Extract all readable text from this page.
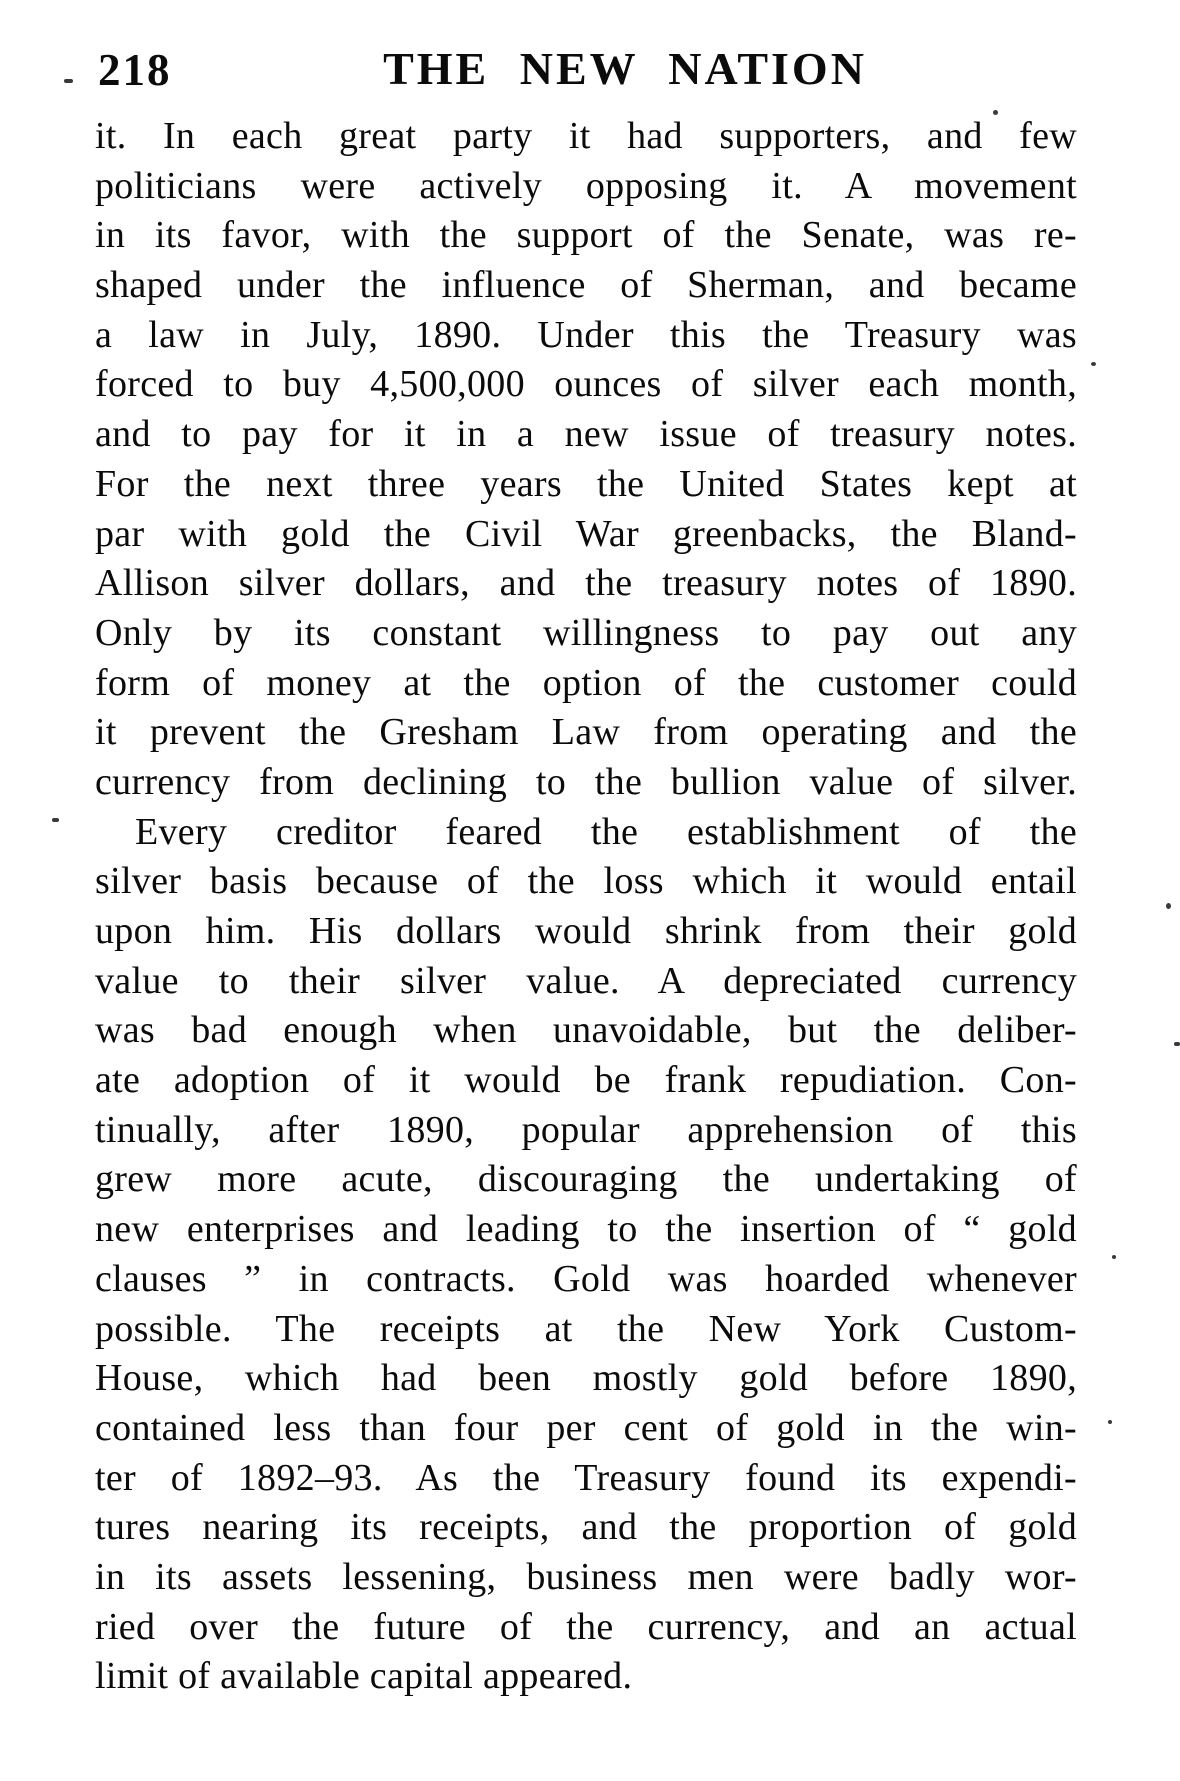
218	THE NEW NATION
it. In each great party it had supporters, and few
politicians were actively opposing it. A movement
in its favor, with the support of the Senate, was re-
shaped under the influence of Sherman, and became
a law in July, 1890. Under this the Treasury was
forced to buy 4,500,000 ounces of silver each month,
and to pay for it in a new issue of treasury notes.
For the next three years the United States kept at
par with gold the Civil War greenbacks, the Bland-
Allison silver dollars, and the treasury notes of 1890.
Only by its constant willingness to pay out any
form of money at the option of the customer could
it prevent the Gresham Law from operating and the
currency from declining to the bullion value of silver.
Every creditor feared the establishment of the
silver basis because of the loss which it would entail
upon him. His dollars would shrink from their gold
value to their silver value. A depreciated currency
was bad enough when unavoidable, but the deliber-
ate adoption of it would be frank repudiation. Con-
tinually, after 1890, popular apprehension of this
grew more acute, discouraging the undertaking of
new enterprises and leading to the insertion of “ gold
clauses ” in contracts. Gold was hoarded whenever
possible. The receipts at the New York Custom-
House, which had been mostly gold before 1890,
contained less than four per cent of gold in the win-
ter of 1892–93. As the Treasury found its expendi-
tures nearing its receipts, and the proportion of gold
in its assets lessening, business men were badly wor-
ried over the future of the currency, and an actual
limit of available capital appeared.
